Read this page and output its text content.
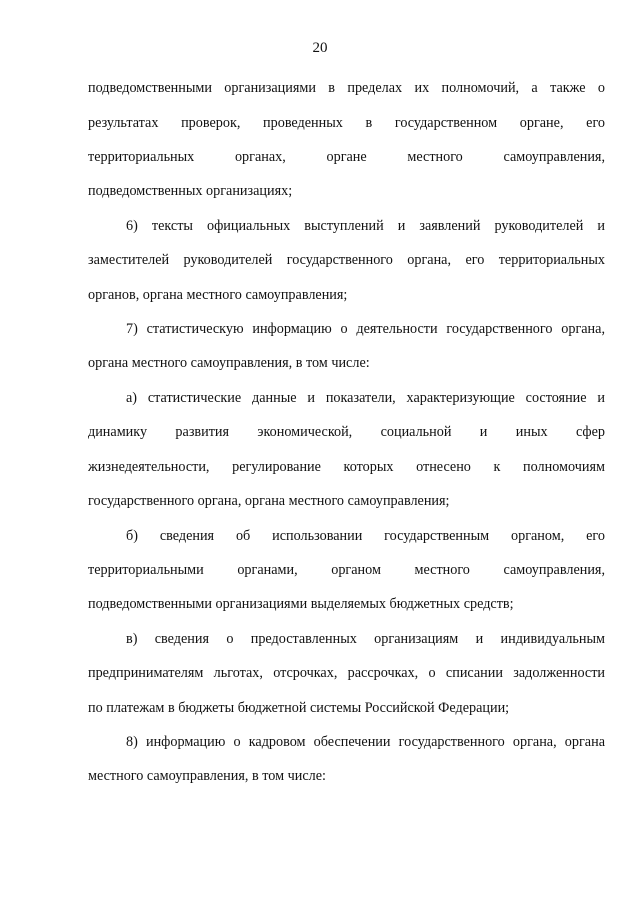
20
подведомственными организациями в пределах их полномочий, а также о
результатах проверок, проведенных в государственном органе, его
территориальных органах, органе местного самоуправления,
подведомственных организациях;
6) тексты официальных выступлений и заявлений руководителей и
заместителей руководителей государственного органа, его территориальных
органов, органа местного самоуправления;
7) статистическую информацию о деятельности государственного органа,
органа местного самоуправления, в том числе:
а) статистические данные и показатели, характеризующие состояние и
динамику развития экономической, социальной и иных сфер
жизнедеятельности, регулирование которых отнесено к полномочиям
государственного органа, органа местного самоуправления;
б) сведения об использовании государственным органом, его
территориальными органами, органом местного самоуправления,
подведомственными организациями выделяемых бюджетных средств;
в) сведения о предоставленных организациям и индивидуальным
предпринимателям льготах, отсрочках, рассрочках, о списании задолженности
по платежам в бюджеты бюджетной системы Российской Федерации;
8) информацию о кадровом обеспечении государственного органа, органа
местного самоуправления, в том числе:
